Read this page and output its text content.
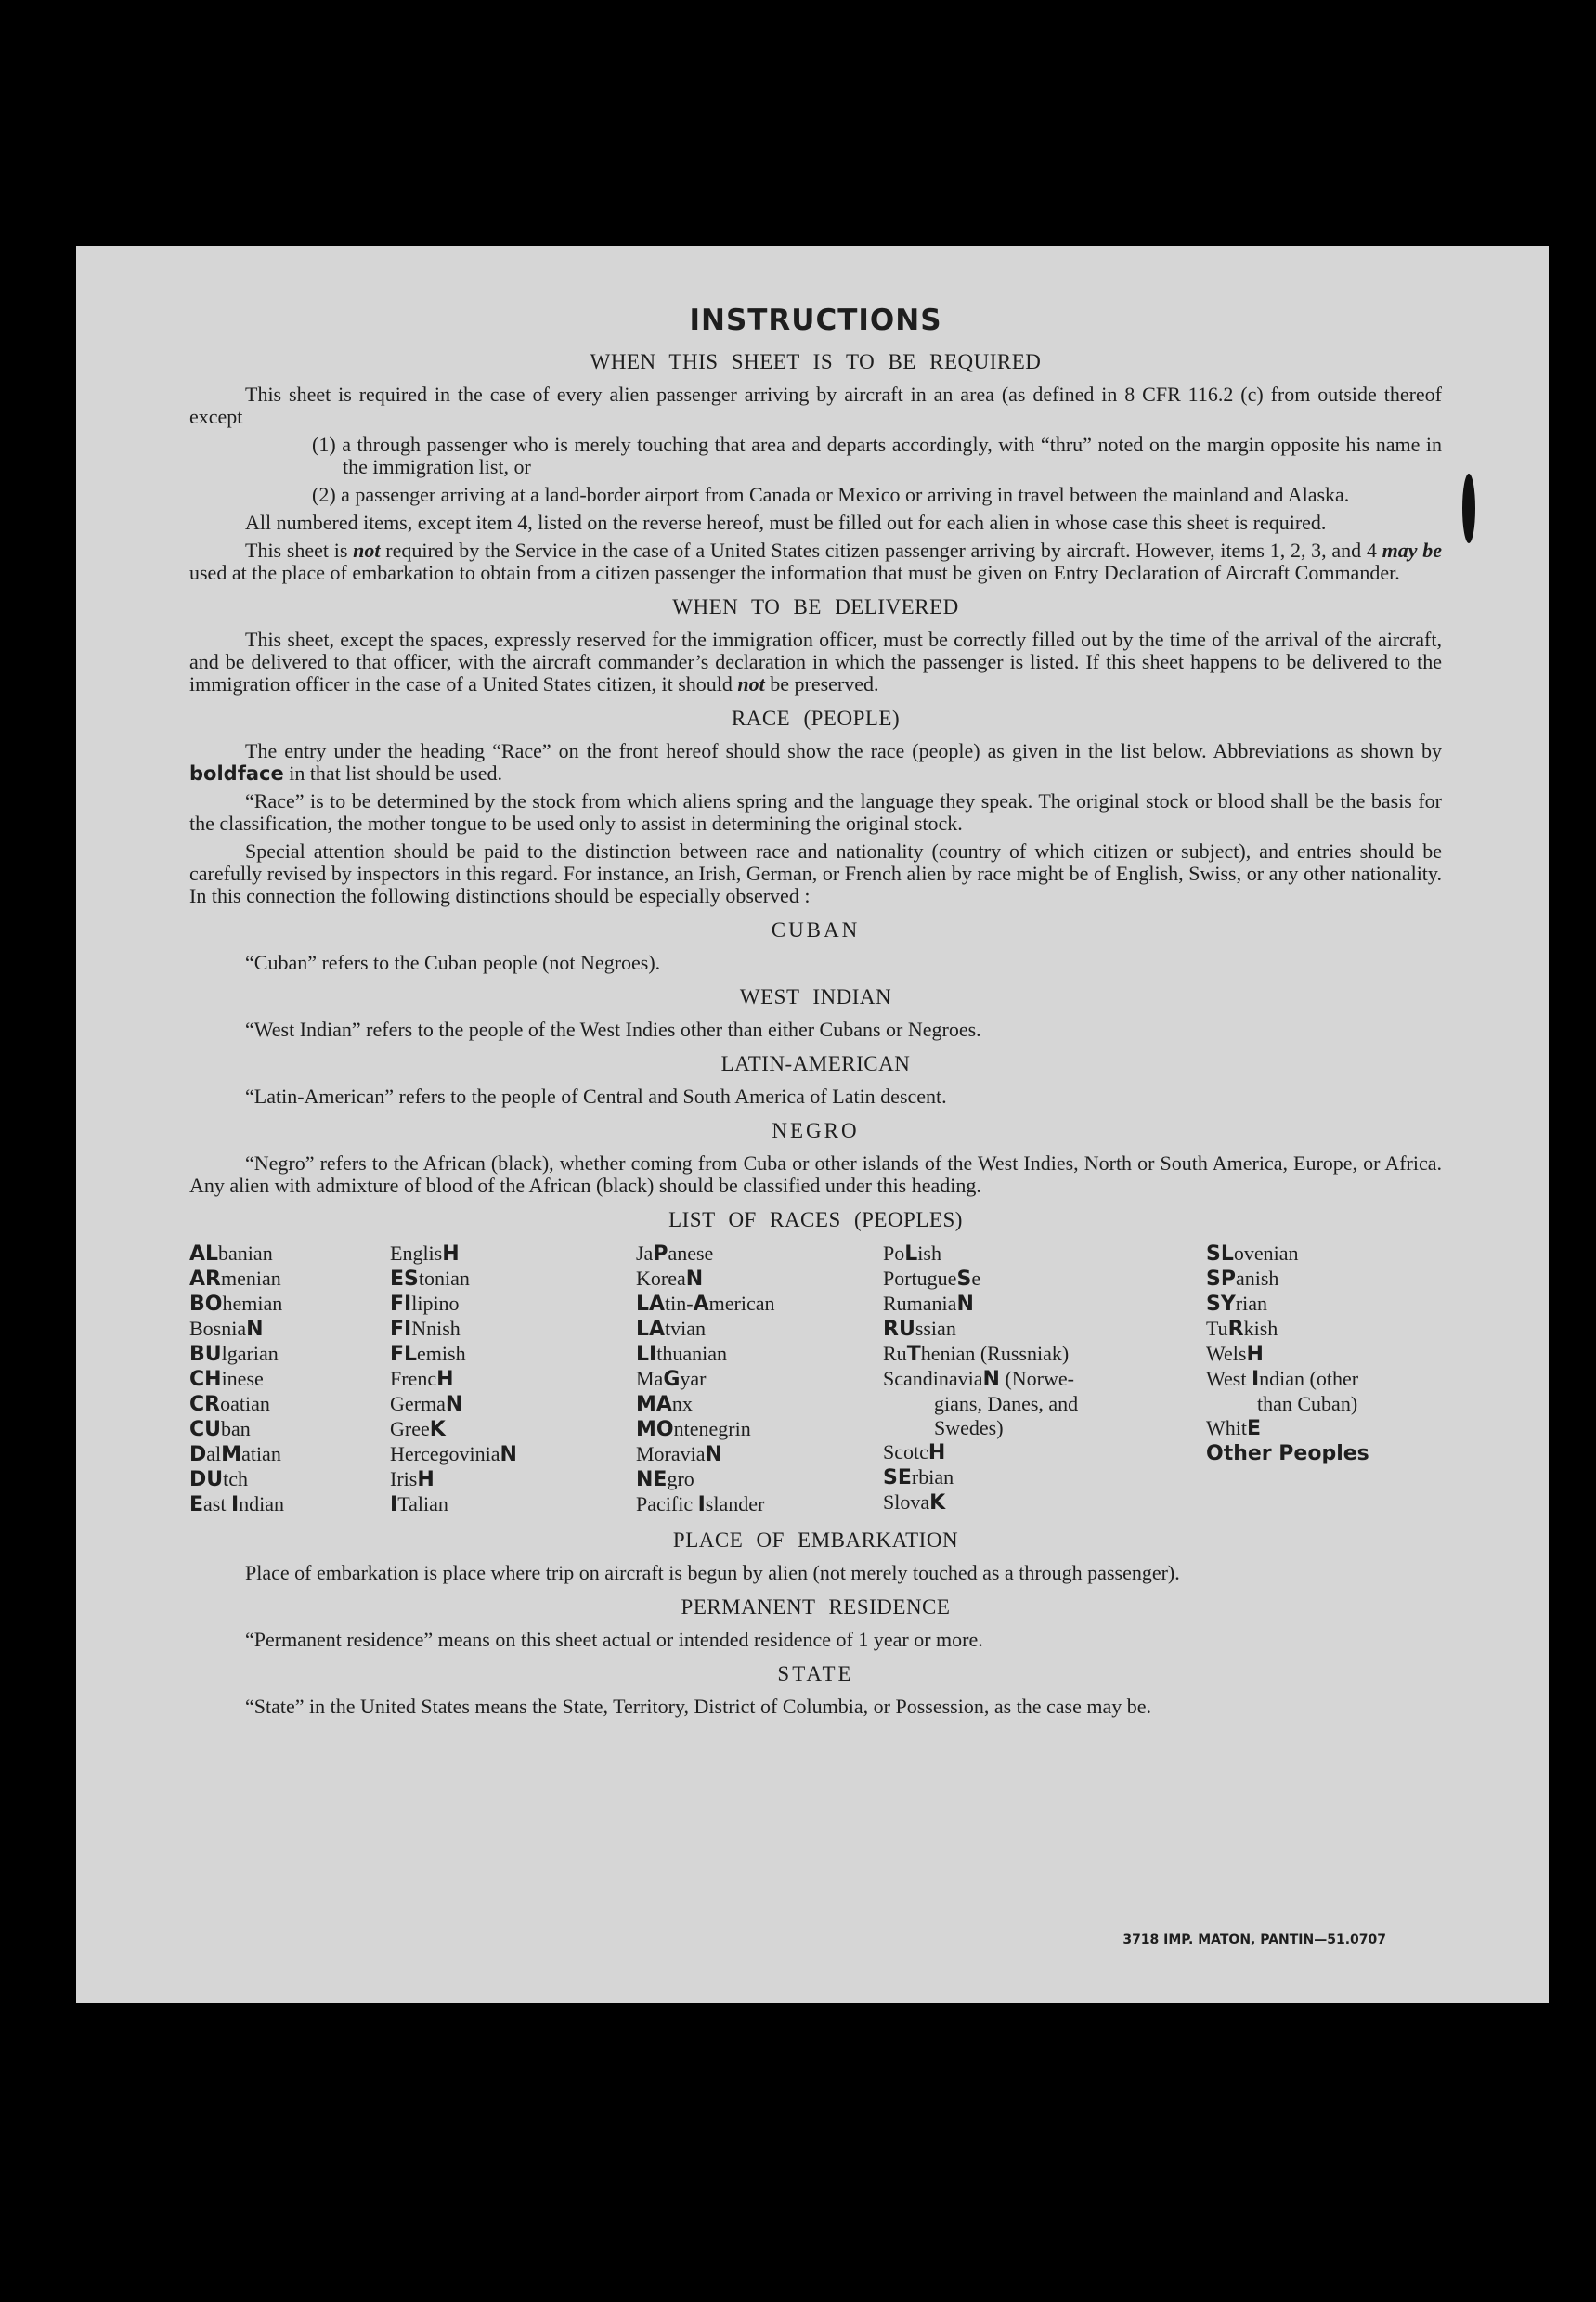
INSTRUCTIONS
WHEN THIS SHEET IS TO BE REQUIRED

This sheet is required in the case of every alien passenger arriving by aircraft in an area (as defined in 8 CFR 116.2 (c) from outside thereof except

(1) a through passenger who is merely touching that area and departs accordingly, with “thru” noted on the margin opposite his name in the immigration list, or

(2) a passenger arriving at a land-border airport from Canada or Mexico or arriving in travel between the mainland and Alaska.

All numbered items, except item 4, listed on the reverse hereof, must be filled out for each alien in whose case this sheet is required.

This sheet is not required by the Service in the case of a United States citizen passenger arriving by aircraft. However, items 1, 2, 3, and 4 may be used at the place of embarkation to obtain from a citizen passenger the information that must be given on Entry Declaration of Aircraft Commander.

WHEN TO BE DELIVERED

This sheet, except the spaces, expressly reserved for the immigration officer, must be correctly filled out by the time of the arrival of the aircraft, and be delivered to that officer, with the aircraft commander’s declaration in which the passenger is listed. If this sheet happens to be delivered to the immigration officer in the case of a United States citizen, it should not be preserved.

RACE (PEOPLE)

The entry under the heading “Race” on the front hereof should show the race (people) as given in the list below. Abbreviations as shown by boldface in that list should be used.

“Race” is to be determined by the stock from which aliens spring and the language they speak. The original stock or blood shall be the basis for the classification, the mother tongue to be used only to assist in determining the original stock.

Special attention should be paid to the distinction between race and nationality (country of which citizen or subject), and entries should be carefully revised by inspectors in this regard. For instance, an Irish, German, or French alien by race might be of English, Swiss, or any other nationality. In this connection the following distinctions should be especially observed :

CUBAN

“Cuban” refers to the Cuban people (not Negroes).

WEST INDIAN

“West Indian” refers to the people of the West Indies other than either Cubans or Negroes.

LATIN-AMERICAN

“Latin-American” refers to the people of Central and South America of Latin descent.

NEGRO

“Negro” refers to the African (black), whether coming from Cuba or other islands of the West Indies, North or South America, Europe, or Africa. Any alien with admixture of blood of the African (black) should be classified under this heading.

LIST OF RACES (PEOPLES)
ALbanian
ARmenian
BOhemian
BosniaN
BUlgarian
CHinese
CRoatian
CUban
DalMatian
DUtch
East Indian
EnglisH
EStonian
FIlipino
FINnish
FLemish
FrencH
GermaN
GreeK
HercegoviniaN
IrisH
ITalian
JaPanese
KoreaN
LAtin-American
LAtvian
LIthuanian
MaGyar
MAnx
MOntenegrin
MoraviaN
NEgro
Pacific Islander
PoLish
PortugueSe
RumaniaN
RUssian
RuThenian (Russniak)
ScandinaviaN (Norwe-
gians, Danes, and
Swedes)
ScotcH
SErbian
SlovaK
SLovenian
SPanish
SYrian
TuRkish
WelsH
West Indian (other
than Cuban)
WhitE
Other Peoples
PLACE OF EMBARKATION

Place of embarkation is place where trip on aircraft is begun by alien (not merely touched as a through passenger).

PERMANENT RESIDENCE

“Permanent residence” means on this sheet actual or intended residence of 1 year or more.

STATE

“State” in the United States means the State, Territory, District of Columbia, or Possession, as the case may be.

3718 IMP. MATON, PANTIN—51.0707
